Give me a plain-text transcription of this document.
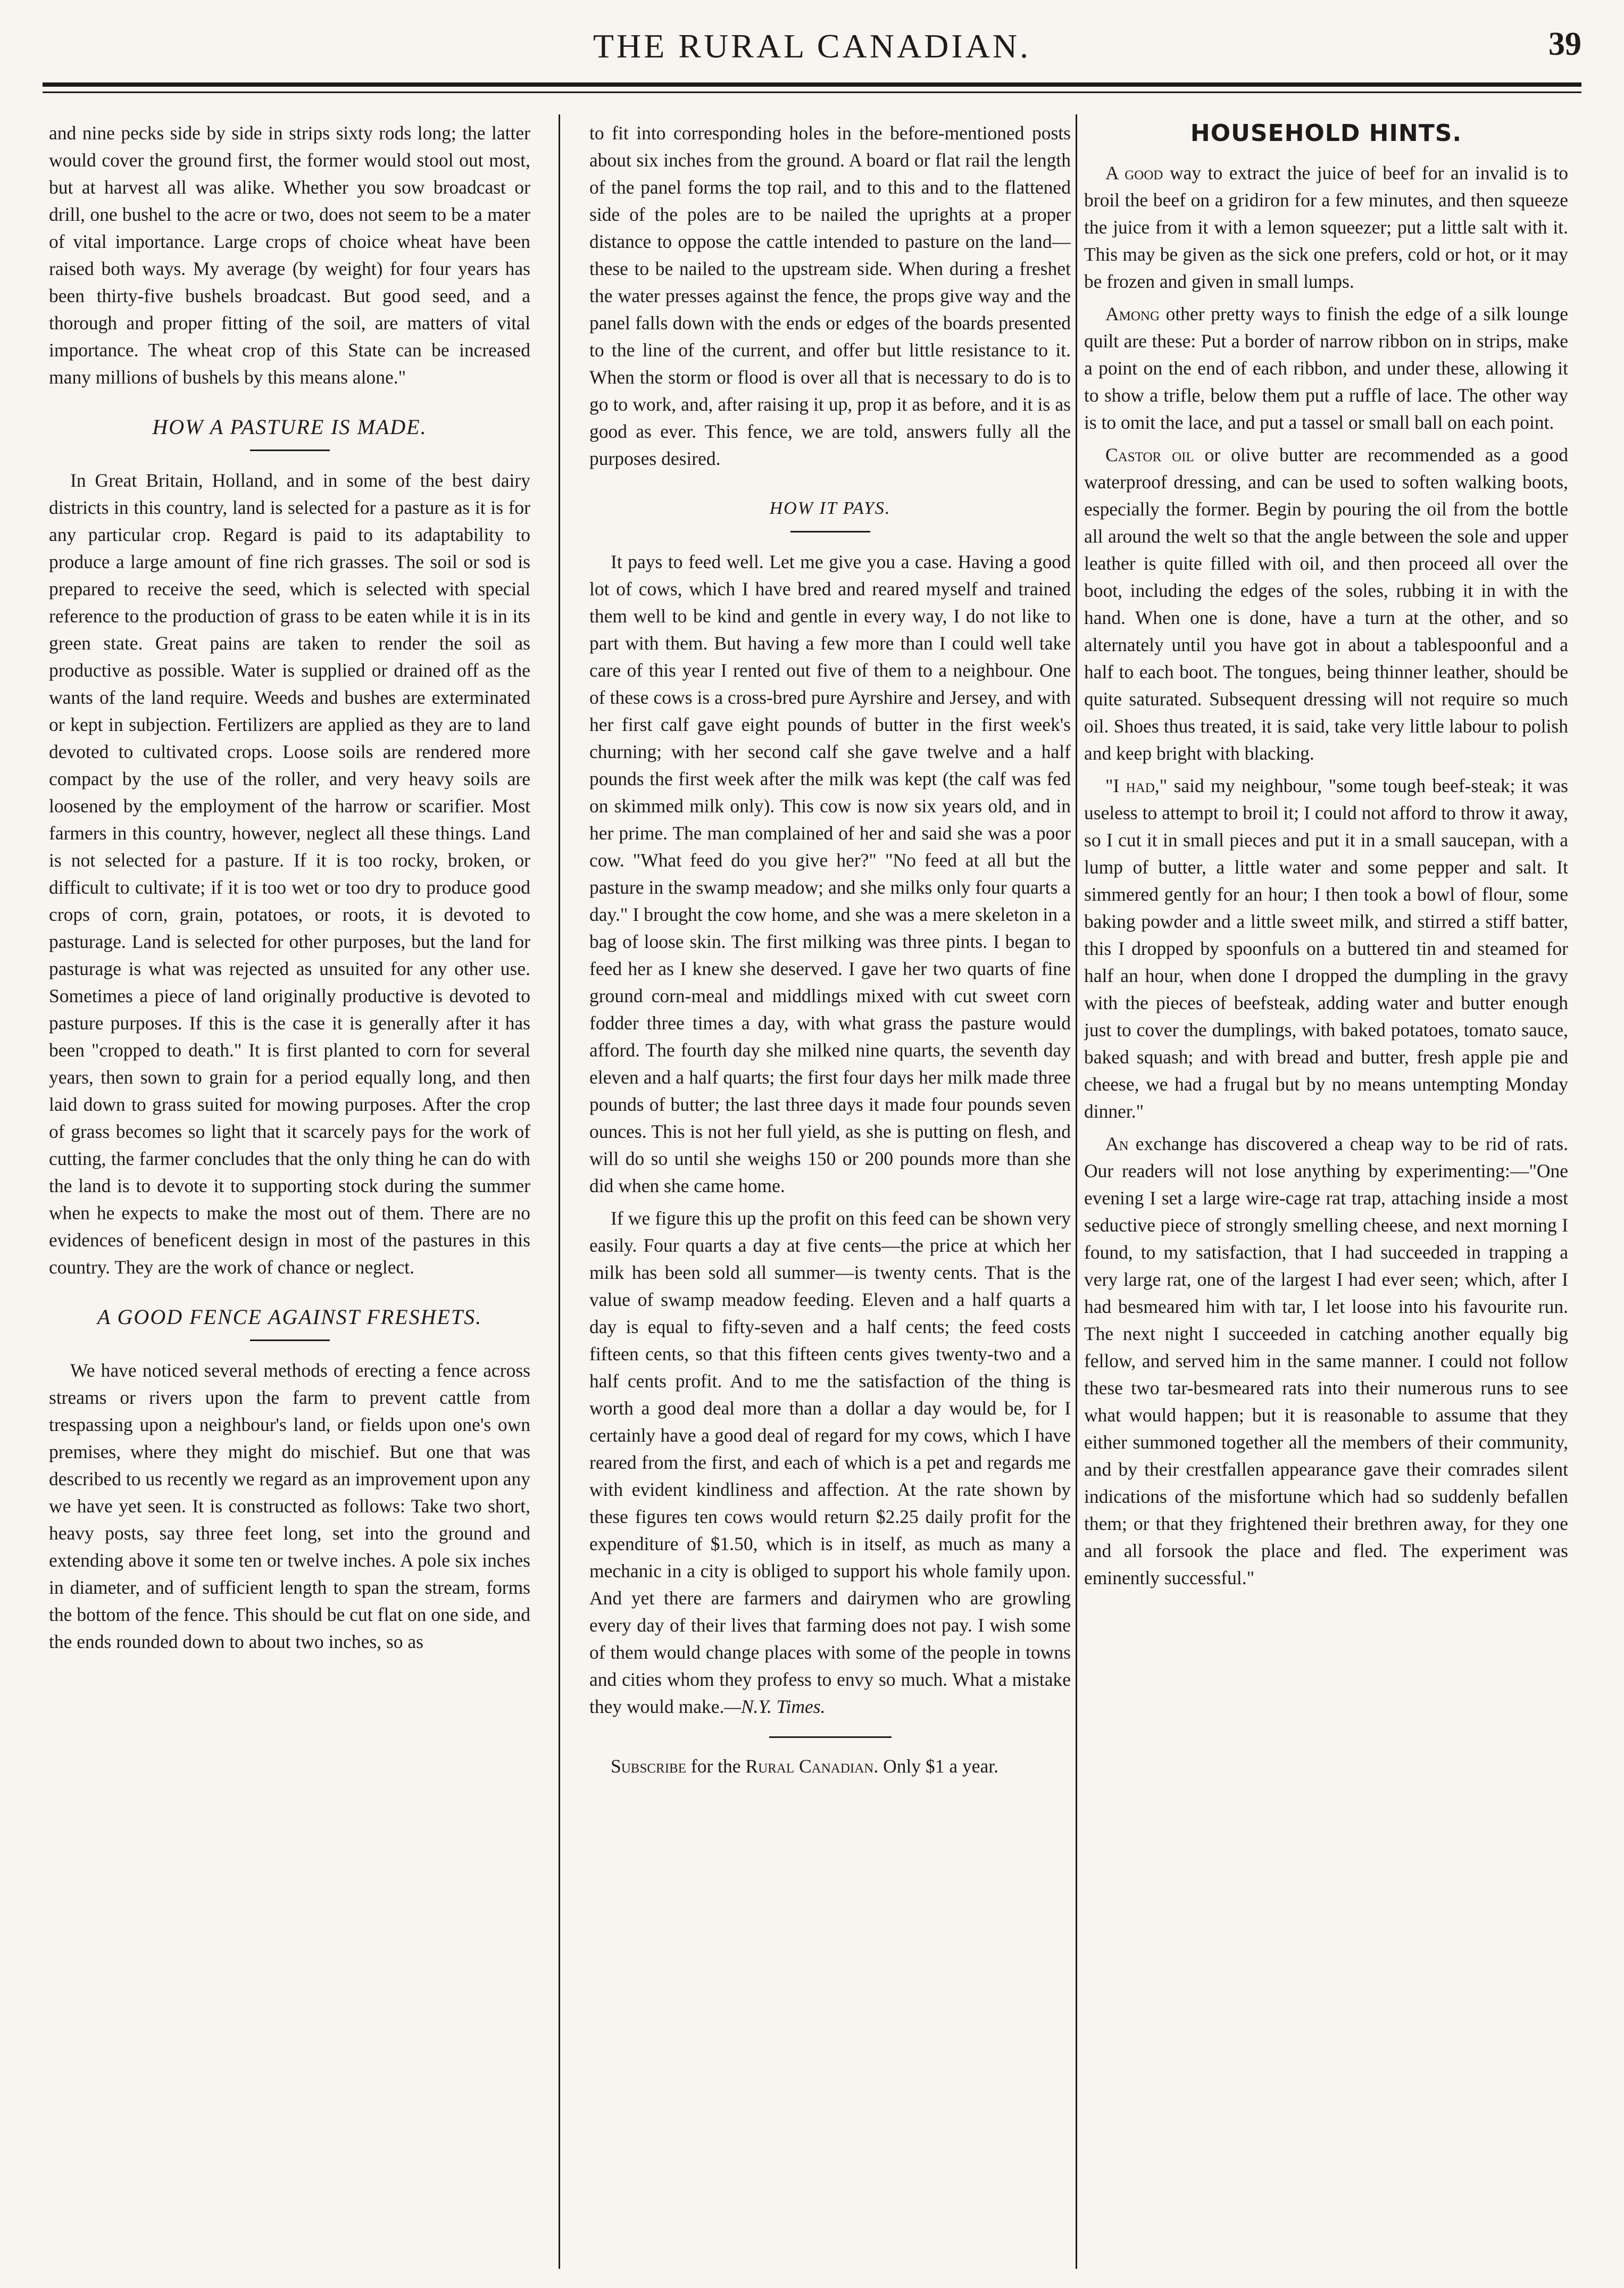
THE RURAL CANADIAN.	39

and nine pecks side by side in strips sixty rods long; the latter would cover the ground first, the former would stool out most, but at harvest all was alike. Whether you sow broadcast or drill, one bushel to the acre or two, does not seem to be a mater of vital importance. Large crops of choice wheat have been raised both ways. My average (by weight) for four years has been thirty-five bushels broadcast. But good seed, and a thorough and proper fitting of the soil, are matters of vital importance. The wheat crop of this State can be increased many millions of bushels by this means alone."

HOW A PASTURE IS MADE.

In Great Britain, Holland, and in some of the best dairy districts in this country, land is selected for a pasture as it is for any particular crop. Regard is paid to its adaptability to produce a large amount of fine rich grasses. The soil or sod is prepared to receive the seed, which is selected with special reference to the production of grass to be eaten while it is in its green state. Great pains are taken to render the soil as productive as possible. Water is supplied or drained off as the wants of the land require. Weeds and bushes are exterminated or kept in subjection. Fertilizers are applied as they are to land devoted to cultivated crops. Loose soils are rendered more compact by the use of the roller, and very heavy soils are loosened by the employment of the harrow or scarifier. Most farmers in this country, however, neglect all these things. Land is not selected for a pasture. If it is too rocky, broken, or difficult to cultivate; if it is too wet or too dry to produce good crops of corn, grain, potatoes, or roots, it is devoted to pasturage. Land is selected for other purposes, but the land for pasturage is what was rejected as unsuited for any other use. Sometimes a piece of land originally productive is devoted to pasture purposes. If this is the case it is generally after it has been "cropped to death." It is first planted to corn for several years, then sown to grain for a period equally long, and then laid down to grass suited for mowing purposes. After the crop of grass becomes so light that it scarcely pays for the work of cutting, the farmer concludes that the only thing he can do with the land is to devote it to supporting stock during the summer when he expects to make the most out of them. There are no evidences of beneficent design in most of the pastures in this country. They are the work of chance or neglect.

A GOOD FENCE AGAINST FRESHETS.

We have noticed several methods of erecting a fence across streams or rivers upon the farm to prevent cattle from trespassing upon a neighbour's land, or fields upon one's own premises, where they might do mischief. But one that was described to us recently we regard as an improvement upon any we have yet seen. It is constructed as follows: Take two short, heavy posts, say three feet long, set into the ground and extending above it some ten or twelve inches. A pole six inches in diameter, and of sufficient length to span the stream, forms the bottom of the fence. This should be cut flat on one side, and the ends rounded down to about two inches, so as

to fit into corresponding holes in the before-mentioned posts about six inches from the ground. A board or flat rail the length of the panel forms the top rail, and to this and to the flattened side of the poles are to be nailed the uprights at a proper distance to oppose the cattle intended to pasture on the land—these to be nailed to the upstream side. When during a freshet the water presses against the fence, the props give way and the panel falls down with the ends or edges of the boards presented to the line of the current, and offer but little resistance to it. When the storm or flood is over all that is necessary to do is to go to work, and, after raising it up, prop it as before, and it is as good as ever. This fence, we are told, answers fully all the purposes desired.

HOW IT PAYS.

It pays to feed well. Let me give you a case. Having a good lot of cows, which I have bred and reared myself and trained them well to be kind and gentle in every way, I do not like to part with them. But having a few more than I could well take care of this year I rented out five of them to a neighbour. One of these cows is a cross-bred pure Ayrshire and Jersey, and with her first calf gave eight pounds of butter in the first week's churning; with her second calf she gave twelve and a half pounds the first week after the milk was kept (the calf was fed on skimmed milk only). This cow is now six years old, and in her prime. The man complained of her and said she was a poor cow. "What feed do you give her?" "No feed at all but the pasture in the swamp meadow; and she milks only four quarts a day." I brought the cow home, and she was a mere skeleton in a bag of loose skin. The first milking was three pints. I began to feed her as I knew she deserved. I gave her two quarts of fine ground corn-meal and middlings mixed with cut sweet corn fodder three times a day, with what grass the pasture would afford. The fourth day she milked nine quarts, the seventh day eleven and a half quarts; the first four days her milk made three pounds of butter; the last three days it made four pounds seven ounces. This is not her full yield, as she is putting on flesh, and will do so until she weighs 150 or 200 pounds more than she did when she came home.

If we figure this up the profit on this feed can be shown very easily. Four quarts a day at five cents—the price at which her milk has been sold all summer—is twenty cents. That is the value of swamp meadow feeding. Eleven and a half quarts a day is equal to fifty-seven and a half cents; the feed costs fifteen cents, so that this fifteen cents gives twenty-two and a half cents profit. And to me the satisfaction of the thing is worth a good deal more than a dollar a day would be, for I certainly have a good deal of regard for my cows, which I have reared from the first, and each of which is a pet and regards me with evident kindliness and affection. At the rate shown by these figures ten cows would return $2.25 daily profit for the expenditure of $1.50, which is in itself, as much as many a mechanic in a city is obliged to support his whole family upon. And yet there are farmers and dairymen who are growling every day of their lives that farming does not pay. I wish some of them would change places with some of the people in towns and cities whom they profess to envy so much. What a mistake they would make.—N.Y. Times.

Subscribe for the Rural Canadian. Only $1 a year.

HOUSEHOLD HINTS.

A good way to extract the juice of beef for an invalid is to broil the beef on a gridiron for a few minutes, and then squeeze the juice from it with a lemon squeezer; put a little salt with it. This may be given as the sick one prefers, cold or hot, or it may be frozen and given in small lumps.

Among other pretty ways to finish the edge of a silk lounge quilt are these: Put a border of narrow ribbon on in strips, make a point on the end of each ribbon, and under these, allowing it to show a trifle, below them put a ruffle of lace. The other way is to omit the lace, and put a tassel or small ball on each point.

Castor oil or olive butter are recommended as a good waterproof dressing, and can be used to soften walking boots, especially the former. Begin by pouring the oil from the bottle all around the welt so that the angle between the sole and upper leather is quite filled with oil, and then proceed all over the boot, including the edges of the soles, rubbing it in with the hand. When one is done, have a turn at the other, and so alternately until you have got in about a tablespoonful and a half to each boot. The tongues, being thinner leather, should be quite saturated. Subsequent dressing will not require so much oil. Shoes thus treated, it is said, take very little labour to polish and keep bright with blacking.

"I had," said my neighbour, "some tough beef-steak; it was useless to attempt to broil it; I could not afford to throw it away, so I cut it in small pieces and put it in a small saucepan, with a lump of butter, a little water and some pepper and salt. It simmered gently for an hour; I then took a bowl of flour, some baking powder and a little sweet milk, and stirred a stiff batter, this I dropped by spoonfuls on a buttered tin and steamed for half an hour, when done I dropped the dumpling in the gravy with the pieces of beefsteak, adding water and butter enough just to cover the dumplings, with baked potatoes, tomato sauce, baked squash; and with bread and butter, fresh apple pie and cheese, we had a frugal but by no means untempting Monday dinner."

An exchange has discovered a cheap way to be rid of rats. Our readers will not lose anything by experimenting:—"One evening I set a large wire-cage rat trap, attaching inside a most seductive piece of strongly smelling cheese, and next morning I found, to my satisfaction, that I had succeeded in trapping a very large rat, one of the largest I had ever seen; which, after I had besmeared him with tar, I let loose into his favourite run. The next night I succeeded in catching another equally big fellow, and served him in the same manner. I could not follow these two tar-besmeared rats into their numerous runs to see what would happen; but it is reasonable to assume that they either summoned together all the members of their community, and by their crestfallen appearance gave their comrades silent indications of the misfortune which had so suddenly befallen them; or that they frightened their brethren away, for they one and all forsook the place and fled. The experiment was eminently successful."
